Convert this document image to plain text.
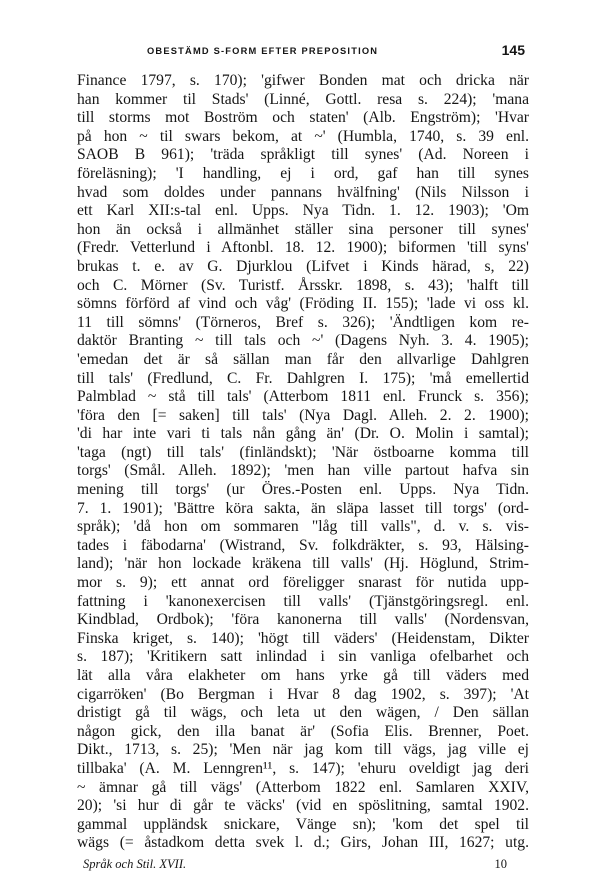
OBESTÄMD S-FORM EFTER PREPOSITION	145
Finance 1797, s. 170); 'gifwer Bonden mat och dricka när
han kommer til Stads' (Linné, Gottl. resa s. 224); 'mana
till storms mot Boström och staten' (Alb. Engström); 'Hvar
på hon ~ til swars bekom, at ~' (Humbla, 1740, s. 39 enl.
SAOB B 961); 'träda språkligt till synes' (Ad. Noreen i
föreläsning); 'I handling, ej i ord, gaf han till synes
hvad som doldes under pannans hvälfning' (Nils Nilsson i
ett Karl XII:s-tal enl. Upps. Nya Tidn. 1. 12. 1903); 'Om
hon än också i allmänhet ställer sina personer till synes'
(Fredr. Vetterlund i Aftonbl. 18. 12. 1900); biformen 'till syns'
brukas t. e. av G. Djurklou (Lifvet i Kinds härad, s, 22)
och C. Mörner (Sv. Turistf. Årsskr. 1898, s. 43); 'halft till
sömns förförd af vind och våg' (Fröding II. 155); 'lade vi oss kl.
11 till sömns' (Törneros, Bref s. 326); 'Ändtligen kom re-
daktör Branting ~ till tals och ~' (Dagens Nyh. 3. 4. 1905);
'emedan det är så sällan man får den allvarlige Dahlgren
till tals' (Fredlund, C. Fr. Dahlgren I. 175); 'må emellertid
Palmblad ~ stå till tals' (Atterbom 1811 enl. Frunck s. 356);
'föra den [= saken] till tals' (Nya Dagl. Alleh. 2. 2. 1900);
'di har inte vari ti tals nån gång än' (Dr. O. Molin i samtal);
'taga (ngt) till tals' (finländskt); 'När östboarne komma till
torgs' (Smål. Alleh. 1892); 'men han ville partout hafva sin
mening till torgs' (ur Öres.-Posten enl. Upps. Nya Tidn.
7. 1. 1901); 'Bättre köra sakta, än släpa lasset till torgs' (ord-
språk); 'då hon om sommaren "låg till valls", d. v. s. vis-
tades i fäbodarna' (Wistrand, Sv. folkdräkter, s. 93, Hälsing-
land); 'när hon lockade kräkena till valls' (Hj. Höglund, Strim-
mor s. 9); ett annat ord föreliggеr snarast för nutida upp-
fattning i 'kanonexercisen till valls' (Tjänstgöringsregl. enl.
Kindblad, Ordbok); 'föra kanonerna till valls' (Nordensvan,
Finska kriget, s. 140); 'högt till väders' (Heidenstam, Dikter
s. 187); 'Kritikern satt inlindad i sin vanliga ofelbarhet och
lät alla våra elakheter om hans yrke gå till väders med
cigarröken' (Bo Bergman i Hvar 8 dag 1902, s. 397); 'At
dristigt gå til wägs, och leta ut den wägen, / Den sällan
någon gick, den illa banat är' (Sofia Elis. Brenner, Poet.
Dikt., 1713, s. 25); 'Men när jag kom till vägs, jag ville ej
tillbaka' (A. M. Lenngren¹¹, s. 147); 'ehuru oveldigt jag deri
~ ämnar gå till vägs' (Atterbom 1822 enl. Samlaren XXIV,
20); 'si hur di går te väcks' (vid en spöslitning, samtal 1902.
gammal uppländsk snickare, Vänge sn); 'kom det spel til
wägs (= åstadkom detta svek l. d.; Girs, Johan III, 1627; utg.
Språk och Stil. XVII.	10
